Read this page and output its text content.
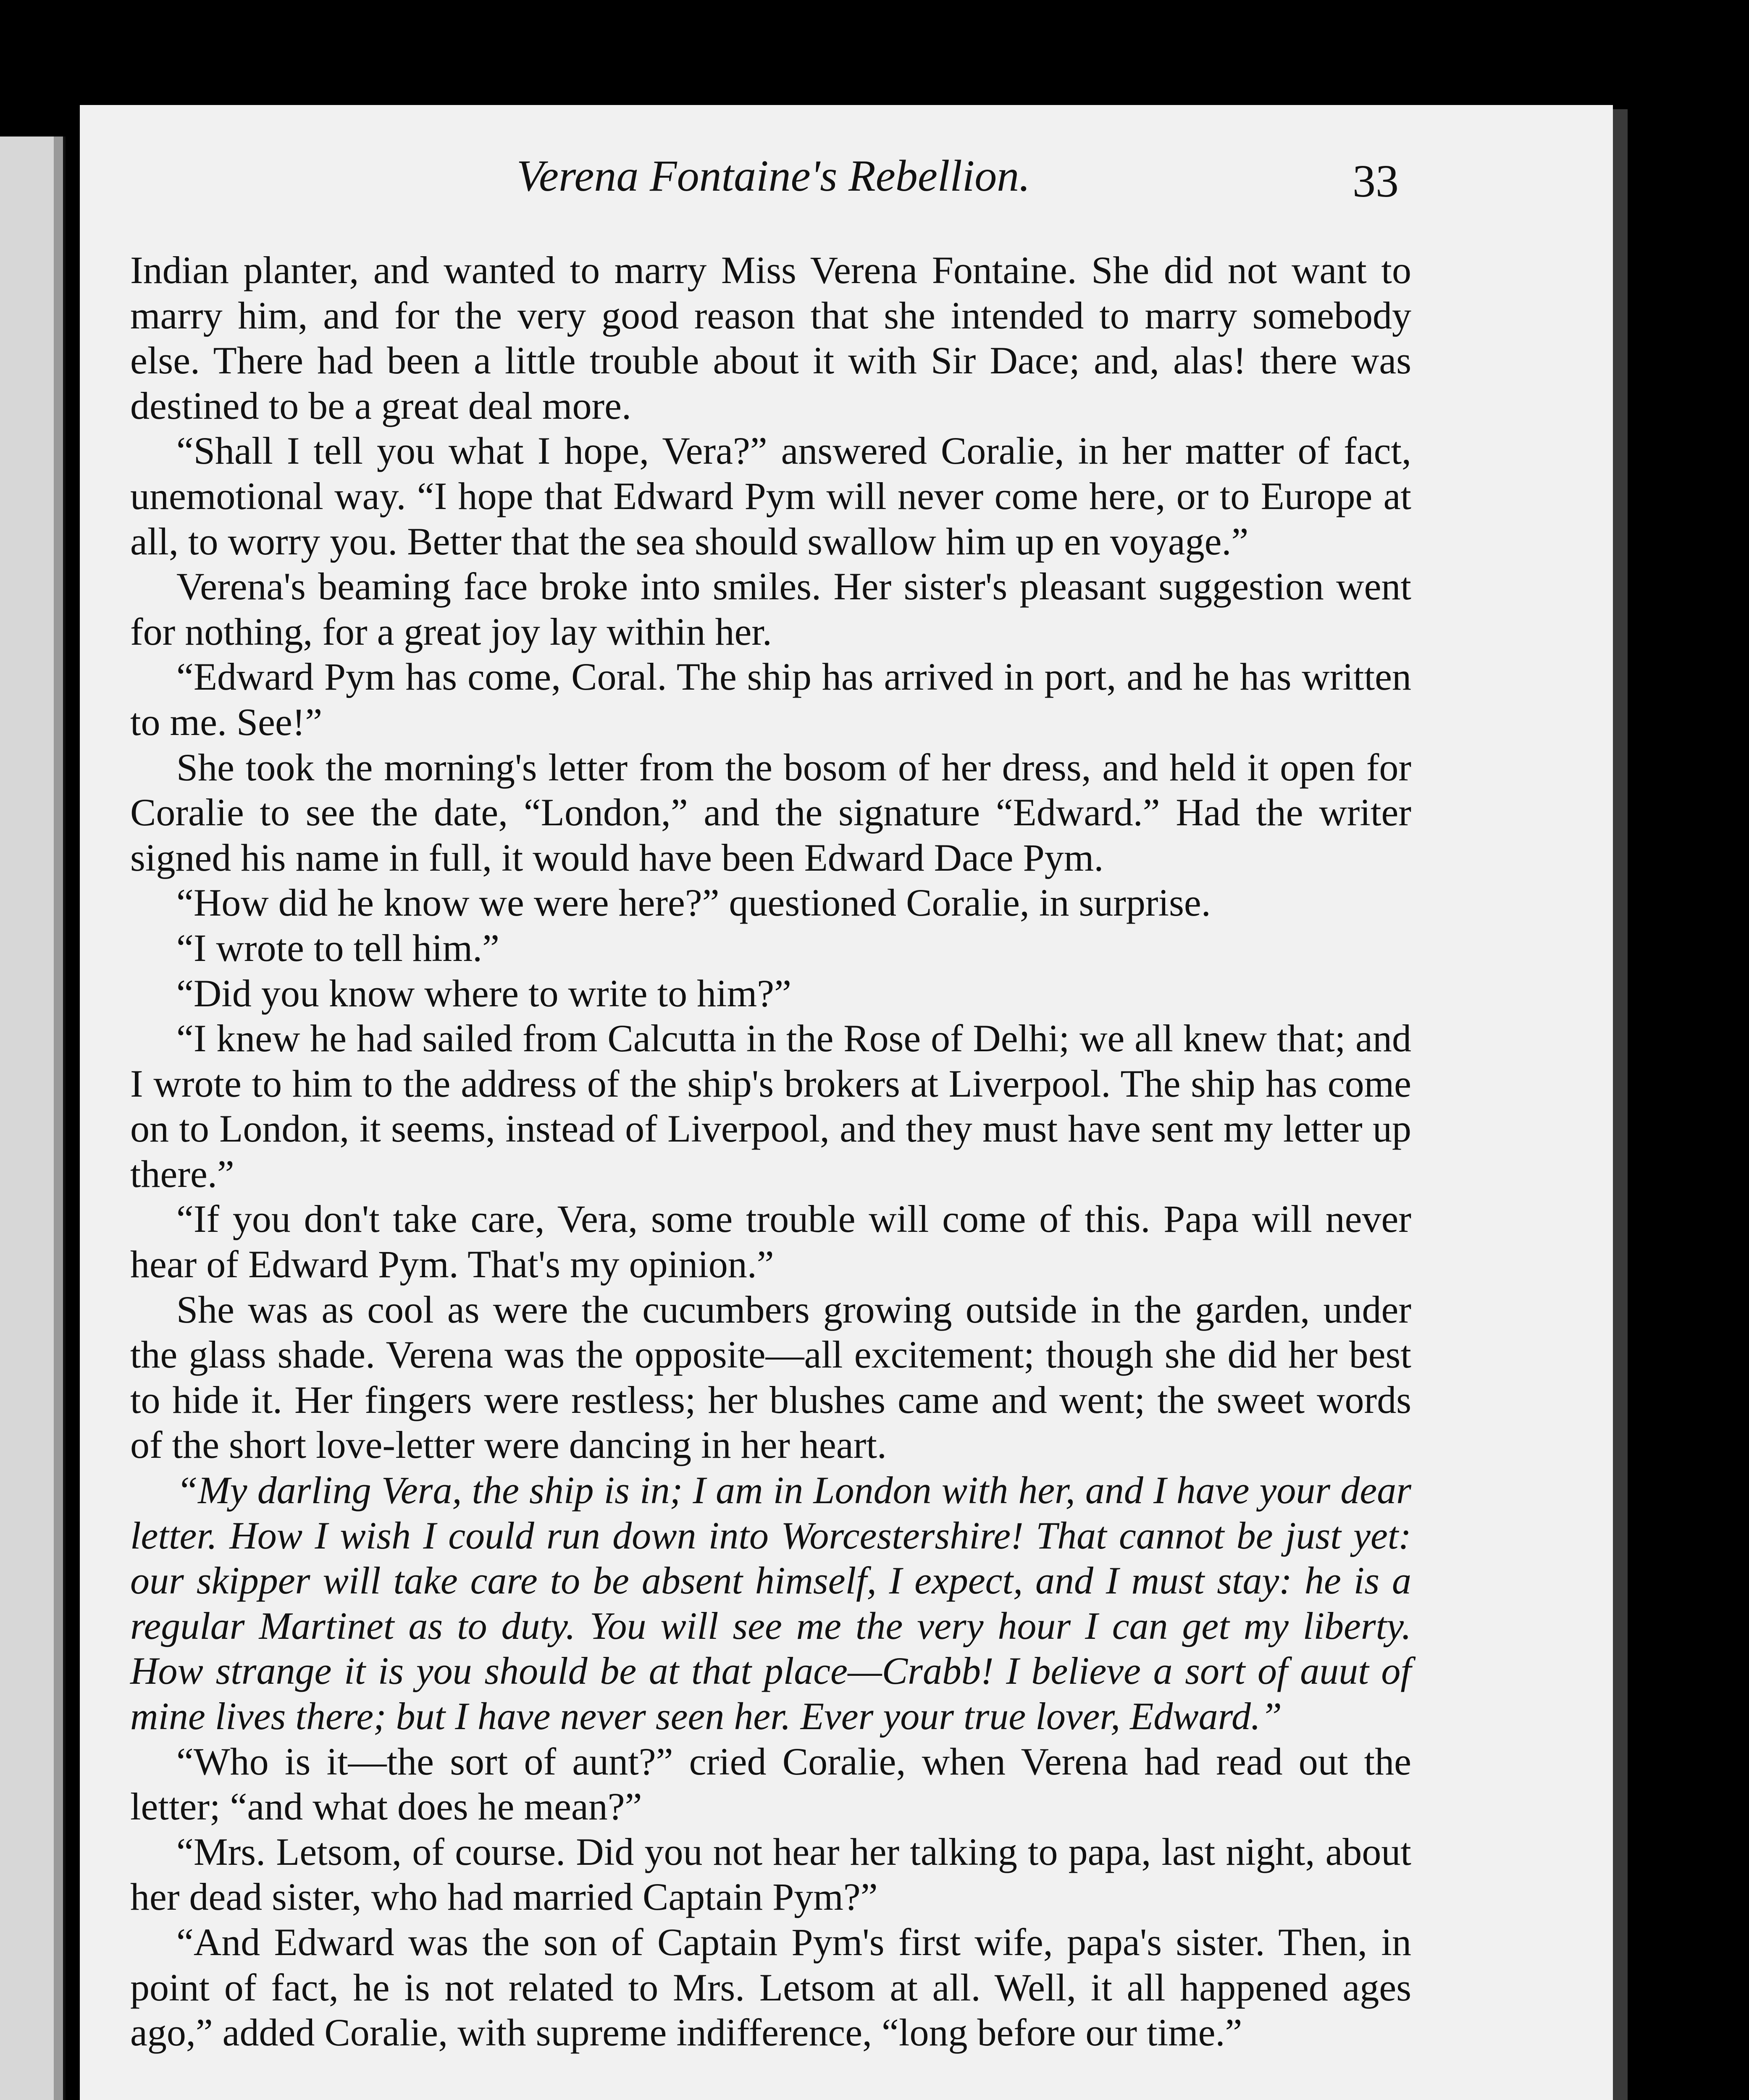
Verena Fontaine's Rebellion.	33

Indian planter, and wanted to marry Miss Verena Fontaine. She did not want to marry him, and for the very good reason that she intended to marry somebody else. There had been a little trouble about it with Sir Dace; and, alas! there was destined to be a great deal more.

“Shall I tell you what I hope, Vera?” answered Coralie, in her matter of fact, unemotional way. “I hope that Edward Pym will never come here, or to Europe at all, to worry you. Better that the sea should swallow him up en voyage.”

Verena's beaming face broke into smiles. Her sister's pleasant suggestion went for nothing, for a great joy lay within her.

“Edward Pym has come, Coral. The ship has arrived in port, and he has written to me. See!”

She took the morning's letter from the bosom of her dress, and held it open for Coralie to see the date, “London,” and the signature “Edward.” Had the writer signed his name in full, it would have been Edward Dace Pym.

“How did he know we were here?” questioned Coralie, in surprise.

“I wrote to tell him.”

“Did you know where to write to him?”

“I knew he had sailed from Calcutta in the Rose of Delhi; we all knew that; and I wrote to him to the address of the ship's brokers at Liverpool. The ship has come on to London, it seems, instead of Liverpool, and they must have sent my letter up there.”

“If you don't take care, Vera, some trouble will come of this. Papa will never hear of Edward Pym. That's my opinion.”

She was as cool as were the cucumbers growing outside in the garden, under the glass shade. Verena was the opposite—all excitement; though she did her best to hide it. Her fingers were restless; her blushes came and went; the sweet words of the short love-letter were dancing in her heart.

“My darling Vera, the ship is in; I am in London with her, and I have your dear letter. How I wish I could run down into Worcestershire! That cannot be just yet: our skipper will take care to be absent himself, I expect, and I must stay: he is a regular Martinet as to duty. You will see me the very hour I can get my liberty. How strange it is you should be at that place—Crabb! I believe a sort of auut of mine lives there; but I have never seen her. Ever your true lover, Edward.”

“Who is it—the sort of aunt?” cried Coralie, when Verena had read out the letter; “and what does he mean?”

“Mrs. Letsom, of course. Did you not hear her talking to papa, last night, about her dead sister, who had married Captain Pym?”

“And Edward was the son of Captain Pym's first wife, papa's sister. Then, in point of fact, he is not related to Mrs. Letsom at all. Well, it all happened ages ago,” added Coralie, with supreme indifference, “long before our time.”
